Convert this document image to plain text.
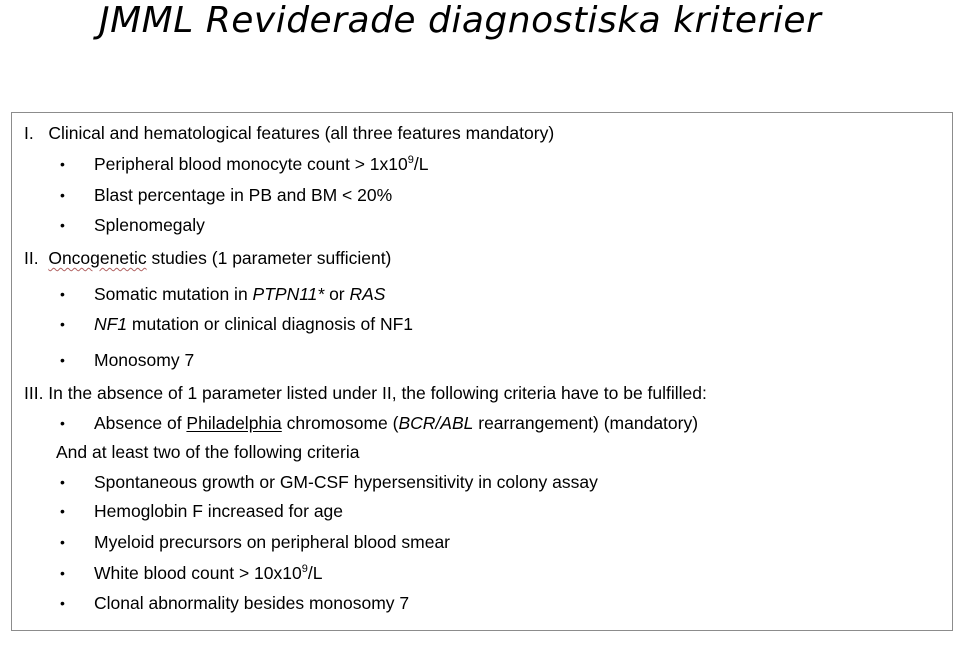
JMML Reviderade diagnostiska kriterier
I. Clinical and hematological features (all three features mandatory)
• Peripheral blood monocyte count > $1x10^9/L$
• Blast percentage in PB and BM < 20%
• Splenomegaly
II. Oncogenetic studies (1 parameter sufficient)
• Somatic mutation in PTPN11* or RAS
• NF1 mutation or clinical diagnosis of NF1
• Monosomy 7
III. In the absence of 1 parameter listed under II, the following criteria have to be fulfilled:
• Absence of Philadelphia chromosome (BCR/ABL rearrangement) (mandatory)
And at least two of the following criteria
• Spontaneous growth or GM-CSF hypersensitivity in colony assay
• Hemoglobin F increased for age
• Myeloid precursors on peripheral blood smear
• White blood count > $10x10^9/L$
• Clonal abnormality besides monosomy 7
